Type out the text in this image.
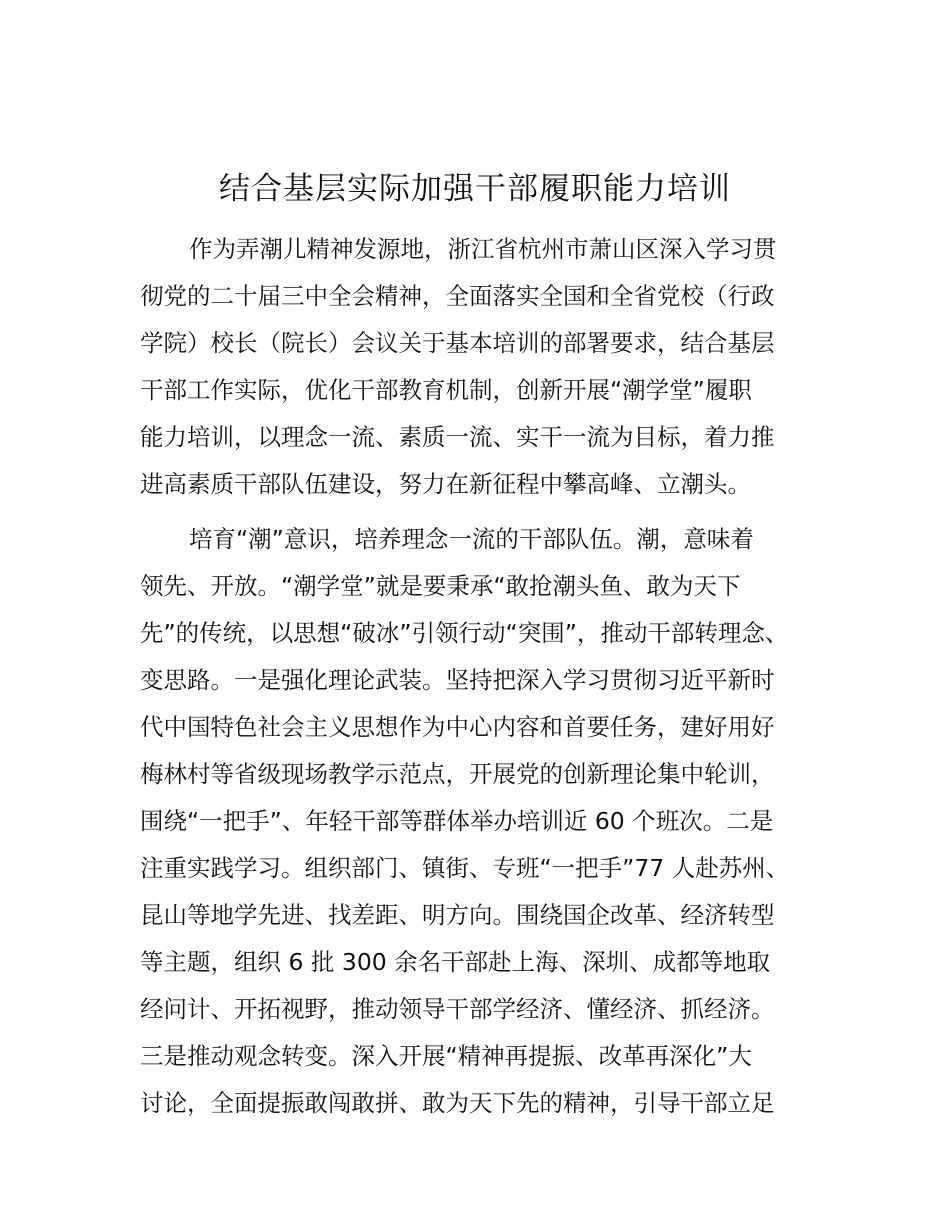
结合基层实际加强干部履职能力培训
作为弄潮儿精神发源地，浙江省杭州市萧山区深入学习贯
彻党的二十届三中全会精神，全面落实全国和全省党校（行政
学院）校长（院长）会议关于基本培训的部署要求，结合基层
干部工作实际，优化干部教育机制，创新开展“潮学堂”履职
能力培训，以理念一流、素质一流、实干一流为目标，着力推
进高素质干部队伍建设，努力在新征程中攀高峰、立潮头。
培育“潮”意识，培养理念一流的干部队伍。潮，意味着
领先、开放。“潮学堂”就是要秉承“敢抢潮头鱼、敢为天下
先”的传统，以思想“破冰”引领行动“突围”，推动干部转理念、
变思路。一是强化理论武装。坚持把深入学习贯彻习近平新时
代中国特色社会主义思想作为中心内容和首要任务，建好用好
梅林村等省级现场教学示范点，开展党的创新理论集中轮训，
围绕“一把手”、年轻干部等群体举办培训近 60 个班次。二是
注重实践学习。组织部门、镇街、专班“一把手”77 人赴苏州、
昆山等地学先进、找差距、明方向。围绕国企改革、经济转型
等主题，组织 6 批 300 余名干部赴上海、深圳、成都等地取
经问计、开拓视野，推动领导干部学经济、懂经济、抓经济。
三是推动观念转变。深入开展“精神再提振、改革再深化”大
讨论，全面提振敢闯敢拼、敢为天下先的精神，引导干部立足
